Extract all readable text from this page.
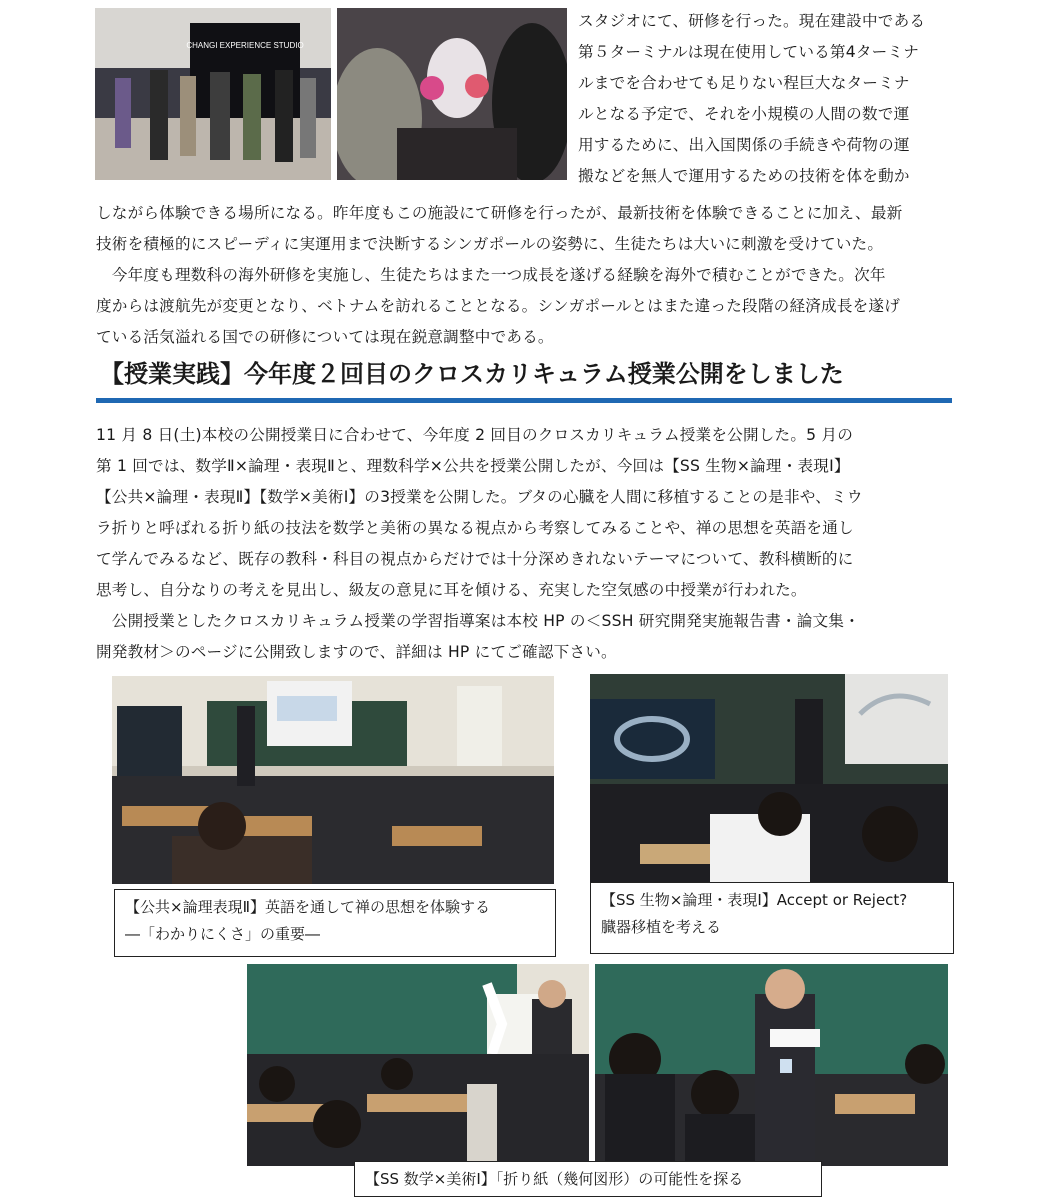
CHANGI EXPERIENCE STUDIO
スタジオにて、研修を行った。現在建設中である
第５ターミナルは現在使用している第4ターミナ
ルまでを合わせても足りない程巨大なターミナ
ルとなる予定で、それを小規模の人間の数で運
用するために、出入国関係の手続きや荷物の運
搬などを無人で運用するための技術を体を動か
しながら体験できる場所になる。昨年度もこの施設にて研修を行ったが、最新技術を体験できることに加え、最新
技術を積極的にスピーディに実運用まで決断するシンガポールの姿勢に、生徒たちは大いに刺激を受けていた。
　今年度も理数科の海外研修を実施し、生徒たちはまた一つ成長を遂げる経験を海外で積むことができた。次年
度からは渡航先が変更となり、ベトナムを訪れることとなる。シンガポールとはまた違った段階の経済成長を遂げ
ている活気溢れる国での研修については現在鋭意調整中である。
【授業実践】今年度２回目のクロスカリキュラム授業公開をしました
11 月 8 日(土)本校の公開授業日に合わせて、今年度 2 回目のクロスカリキュラム授業を公開した。5 月の
第 1 回では、数学Ⅱ×論理・表現Ⅱと、理数科学×公共を授業公開したが、今回は【SS 生物×論理・表現Ⅰ】
【公共×論理・表現Ⅱ】【数学×美術Ⅰ】の3授業を公開した。ブタの心臓を人間に移植することの是非や、ミウ
ラ折りと呼ばれる折り紙の技法を数学と美術の異なる視点から考察してみることや、禅の思想を英語を通し
て学んでみるなど、既存の教科・科目の視点からだけでは十分深めきれないテーマについて、教科横断的に
思考し、自分なりの考えを見出し、級友の意見に耳を傾ける、充実した空気感の中授業が行われた。
　公開授業としたクロスカリキュラム授業の学習指導案は本校 HP の＜SSH 研究開発実施報告書・論文集・
開発教材＞のページに公開致しますので、詳細は HP にてご確認下さい。
【公共×論理表現Ⅱ】英語を通して禅の思想を体験する
―「わかりにくさ」の重要―
【SS 生物×論理・表現Ⅰ】Accept or Reject?
臓器移植を考える
【SS 数学×美術Ⅰ】「折り紙（幾何図形）の可能性を探る
